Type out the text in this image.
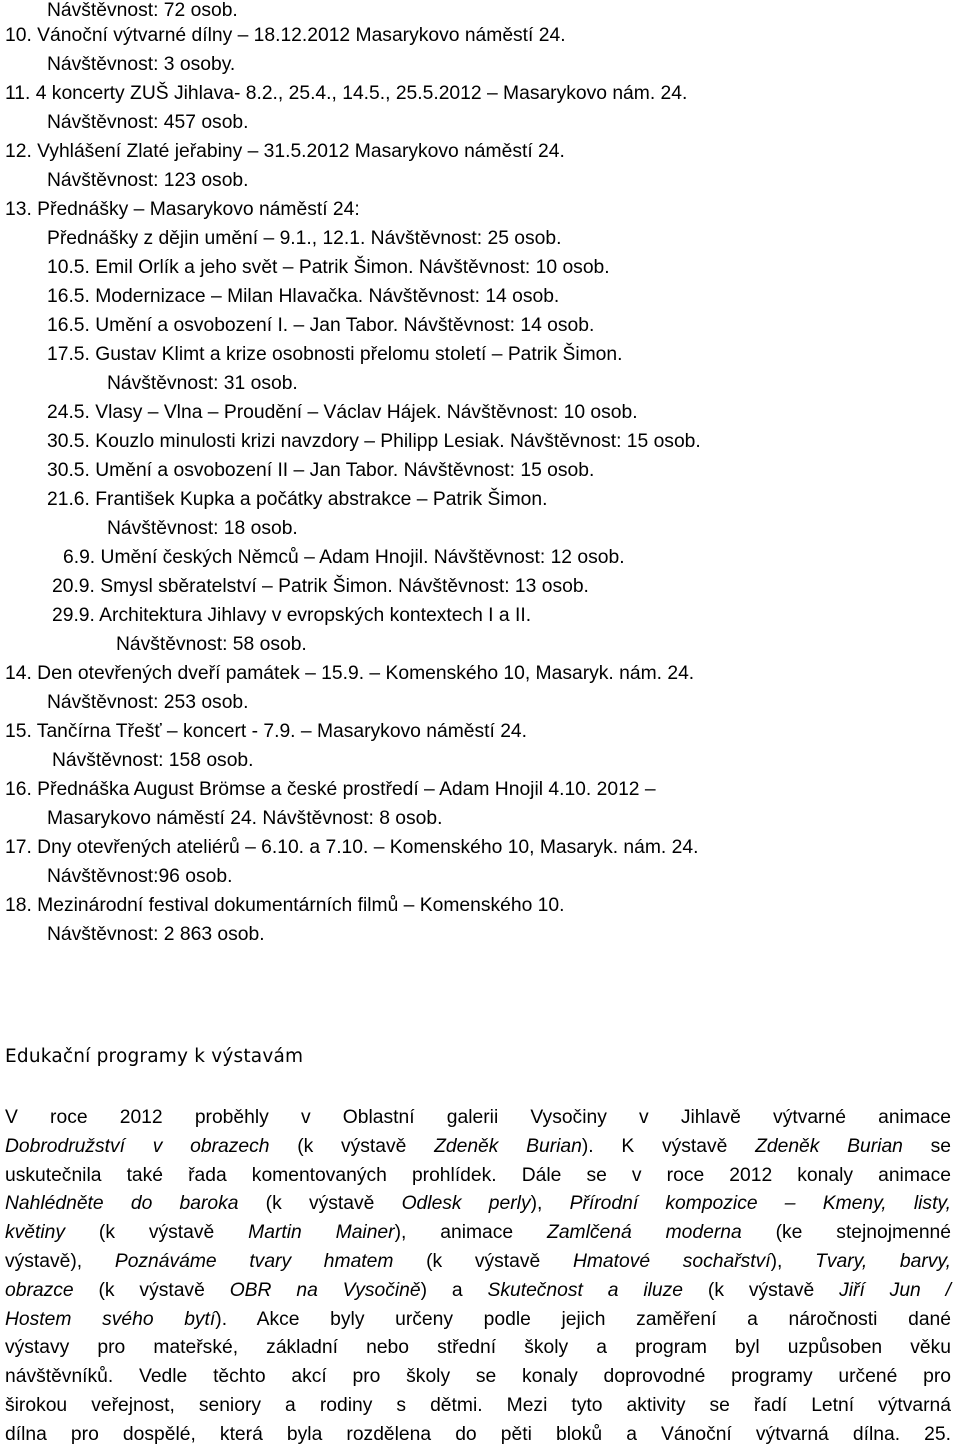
Návštěvnost: 72 osob.
10. Vánoční výtvarné dílny – 18.12.2012 Masarykovo náměstí 24.
Návštěvnost: 3 osoby.
11. 4 koncerty ZUŠ Jihlava- 8.2., 25.4., 14.5., 25.5.2012 – Masarykovo nám. 24.
Návštěvnost: 457 osob.
12. Vyhlášení Zlaté jeřabiny – 31.5.2012 Masarykovo náměstí 24.
Návštěvnost: 123 osob.
13. Přednášky – Masarykovo náměstí 24:
Přednášky z dějin umění – 9.1., 12.1. Návštěvnost: 25 osob.
10.5. Emil Orlík a jeho svět – Patrik Šimon. Návštěvnost: 10 osob.
16.5. Modernizace – Milan Hlavačka. Návštěvnost: 14 osob.
16.5. Umění a osvobození I. – Jan Tabor. Návštěvnost: 14 osob.
17.5. Gustav Klimt a krize osobnosti přelomu století – Patrik Šimon.
Návštěvnost: 31 osob.
24.5. Vlasy – Vlna – Proudění – Václav Hájek. Návštěvnost: 10 osob.
30.5. Kouzlo minulosti krizi navzdory – Philipp Lesiak. Návštěvnost: 15 osob.
30.5. Umění a osvobození II – Jan Tabor. Návštěvnost: 15 osob.
21.6. František Kupka a počátky abstrakce – Patrik Šimon.
Návštěvnost: 18 osob.
6.9. Umění českých Němců – Adam Hnojil. Návštěvnost: 12 osob.
20.9. Smysl sběratelství – Patrik Šimon. Návštěvnost: 13 osob.
29.9. Architektura Jihlavy v evropských kontextech I a II.
Návštěvnost: 58 osob.
14. Den otevřených dveří památek – 15.9. – Komenského 10, Masaryk. nám. 24.
Návštěvnost: 253 osob.
15. Tančírna Třešť – koncert - 7.9. – Masarykovo náměstí 24.
Návštěvnost: 158 osob.
16. Přednáška August Brömse a české prostředí – Adam Hnojil 4.10. 2012 –
Masarykovo náměstí 24. Návštěvnost: 8 osob.
17. Dny otevřených ateliérů – 6.10. a 7.10. – Komenského 10, Masaryk. nám. 24.
Návštěvnost:96 osob.
18. Mezinárodní festival dokumentárních filmů – Komenského 10.
Návštěvnost: 2 863 osob.
Edukační programy k výstavám
V roce 2012 proběhly v Oblastní galerii Vysočiny v Jihlavě výtvarné animace
Dobrodružství v obrazech (k výstavě Zdeněk Burian). K výstavě Zdeněk Burian se
uskutečnila také řada komentovaných prohlídek. Dále se v roce 2012 konaly animace
Nahlédněte do baroka (k výstavě Odlesk perly), Přírodní kompozice – Kmeny, listy,
květiny (k výstavě Martin Mainer), animace Zamlčená moderna (ke stejnojmenné
výstavě), Poznáváme tvary hmatem (k výstavě Hmatové sochařství), Tvary, barvy,
obrazce (k výstavě OBR na Vysočině) a Skutečnost a iluze (k výstavě Jiří Jun /
Hostem svého bytí). Akce byly určeny podle jejich zaměření a náročnosti dané
výstavy pro mateřské, základní nebo střední školy a program byl uzpůsoben věku
návštěvníků. Vedle těchto akcí pro školy se konaly doprovodné programy určené pro
širokou veřejnost, seniory a rodiny s dětmi. Mezi tyto aktivity se řadí Letní výtvarná
dílna pro dospělé, která byla rozdělena do pěti bloků a Vánoční výtvarná dílna. 25.
